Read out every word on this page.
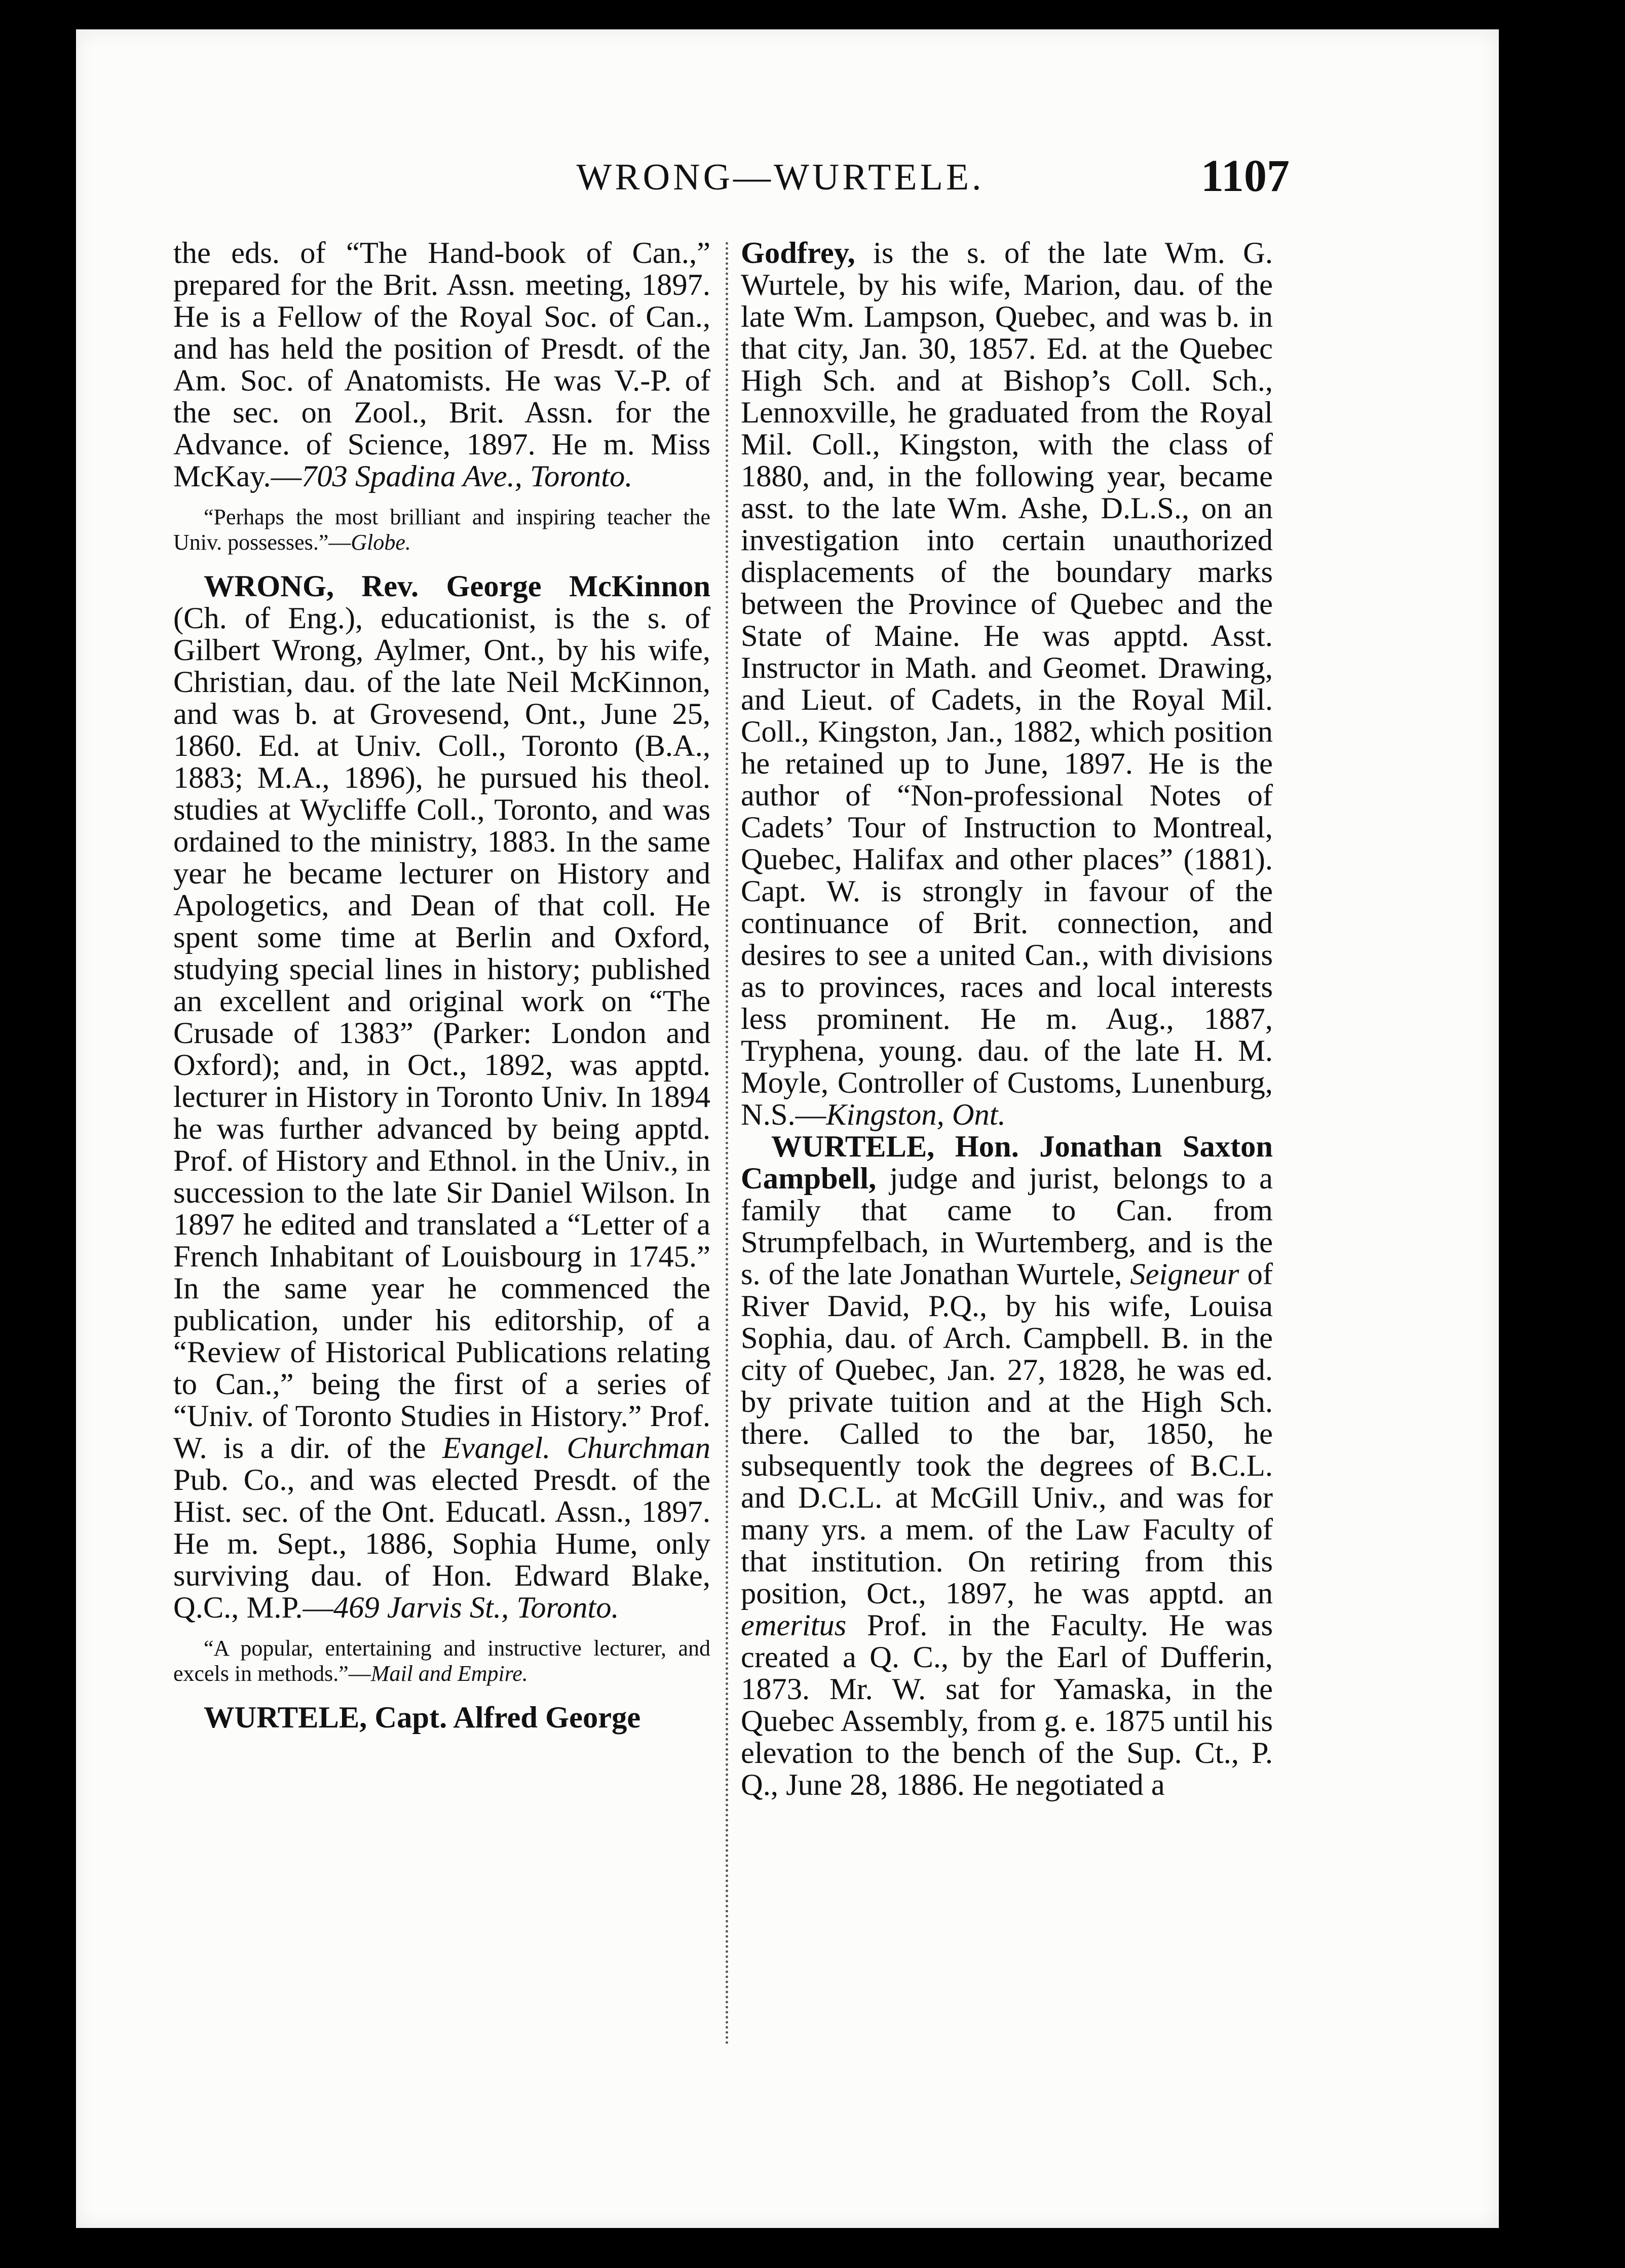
WRONG—WURTELE.	1107

the eds. of “The Hand-book of Can.,” prepared for the Brit. Assn. meeting, 1897. He is a Fellow of the Royal Soc. of Can., and has held the position of Presdt. of the Am. Soc. of Anatomists. He was V.-P. of the sec. on Zool., Brit. Assn. for the Advance. of Science, 1897. He m. Miss McKay.—703 Spadina Ave., Toronto.

“Perhaps the most brilliant and inspiring teacher the Univ. possesses.”—Globe.

WRONG, Rev. George McKinnon (Ch. of Eng.), educationist, is the s. of Gilbert Wrong, Aylmer, Ont., by his wife, Christian, dau. of the late Neil McKinnon, and was b. at Grovesend, Ont., June 25, 1860. Ed. at Univ. Coll., Toronto (B.A., 1883; M.A., 1896), he pursued his theol. studies at Wycliffe Coll., Toronto, and was ordained to the ministry, 1883. In the same year he became lecturer on History and Apologetics, and Dean of that coll. He spent some time at Berlin and Oxford, studying special lines in history; published an excellent and original work on “The Crusade of 1383” (Parker: London and Oxford); and, in Oct., 1892, was apptd. lecturer in History in Toronto Univ. In 1894 he was further advanced by being apptd. Prof. of History and Ethnol. in the Univ., in succession to the late Sir Daniel Wilson. In 1897 he edited and translated a “Letter of a French Inhabitant of Louisbourg in 1745.” In the same year he commenced the publication, under his editorship, of a “Review of Historical Publications relating to Can.,” being the first of a series of “Univ. of Toronto Studies in History.” Prof. W. is a dir. of the Evangel. Churchman Pub. Co., and was elected Presdt. of the Hist. sec. of the Ont. Educatl. Assn., 1897. He m. Sept., 1886, Sophia Hume, only surviving dau. of Hon. Edward Blake, Q.C., M.P.—469 Jarvis St., Toronto.

“A popular, entertaining and instructive lecturer, and excels in methods.”—Mail and Empire.

WURTELE, Capt. Alfred George

Godfrey, is the s. of the late Wm. G. Wurtele, by his wife, Marion, dau. of the late Wm. Lampson, Quebec, and was b. in that city, Jan. 30, 1857. Ed. at the Quebec High Sch. and at Bishop’s Coll. Sch., Lennoxville, he graduated from the Royal Mil. Coll., Kingston, with the class of 1880, and, in the following year, became asst. to the late Wm. Ashe, D.L.S., on an investigation into certain unauthorized displacements of the boundary marks between the Province of Quebec and the State of Maine. He was apptd. Asst. Instructor in Math. and Geomet. Drawing, and Lieut. of Cadets, in the Royal Mil. Coll., Kingston, Jan., 1882, which position he retained up to June, 1897. He is the author of “Non-professional Notes of Cadets’ Tour of Instruction to Montreal, Quebec, Halifax and other places” (1881). Capt. W. is strongly in favour of the continuance of Brit. connection, and desires to see a united Can., with divisions as to provinces, races and local interests less prominent. He m. Aug., 1887, Tryphena, young. dau. of the late H. M. Moyle, Controller of Customs, Lunenburg, N.S.—Kingston, Ont.

WURTELE, Hon. Jonathan Saxton Campbell, judge and jurist, belongs to a family that came to Can. from Strumpfelbach, in Wurtemberg, and is the s. of the late Jonathan Wurtele, Seigneur of River David, P.Q., by his wife, Louisa Sophia, dau. of Arch. Campbell. B. in the city of Quebec, Jan. 27, 1828, he was ed. by private tuition and at the High Sch. there. Called to the bar, 1850, he subsequently took the degrees of B.C.L. and D.C.L. at McGill Univ., and was for many yrs. a mem. of the Law Faculty of that institution. On retiring from this position, Oct., 1897, he was apptd. an emeritus Prof. in the Faculty. He was created a Q. C., by the Earl of Dufferin, 1873. Mr. W. sat for Yamaska, in the Quebec Assembly, from g. e. 1875 until his elevation to the bench of the Sup. Ct., P. Q., June 28, 1886. He negotiated a
